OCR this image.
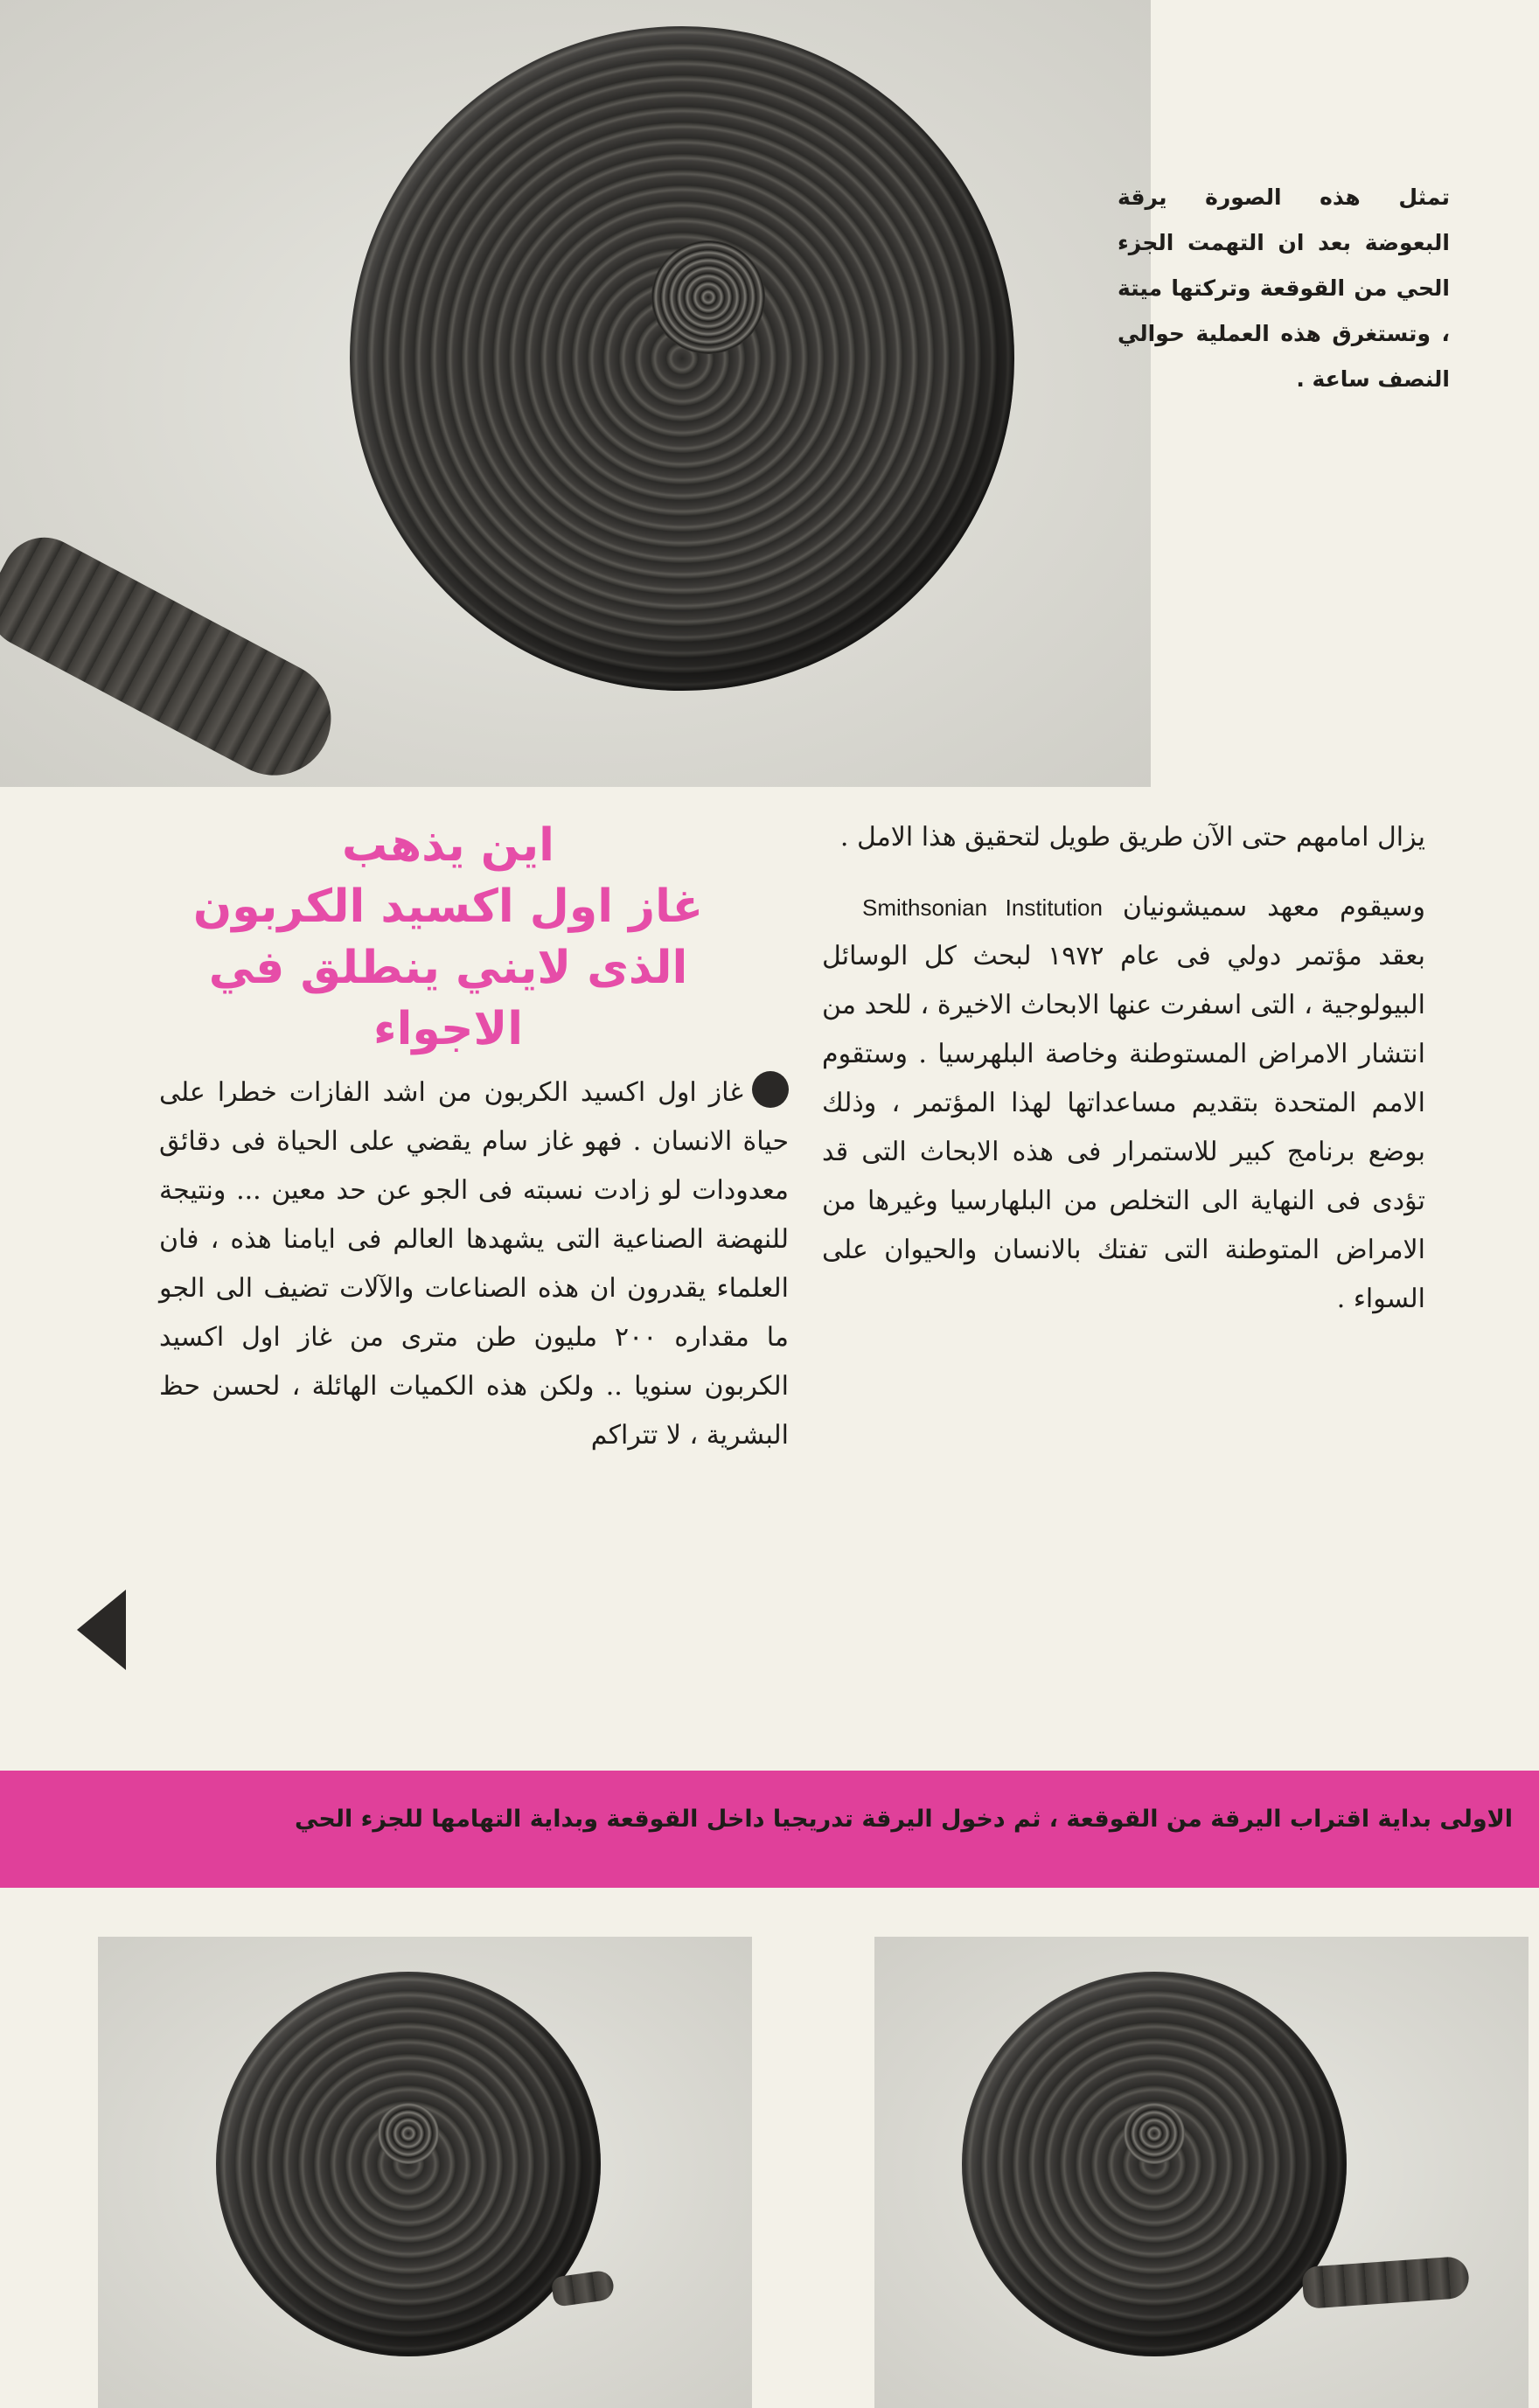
تمثل هذه الصورة يرقة البعوضة بعد ان التهمت الجزء الحي من القوقعة وتركتها ميتة ، وتستغرق هذه العملية حوالي النصف ساعة .
اين يذهب
غاز اول اكسيد الكربون
الذى لايني ينطلق في الاجواء

يزال امامهم حتى الآن طريق طويل لتحقيق هذا الامل .

وسيقوم معهد سميشونيان Smithsonian Institution بعقد مؤتمر دولي فى عام ١٩٧٢ لبحث كل الوسائل البيولوجية ، التى اسفرت عنها الابحاث الاخيرة ، للحد من انتشار الامراض المستوطنة وخاصة البلهرسيا . وستقوم الامم المتحدة بتقديم مساعداتها لهذا المؤتمر ، وذلك بوضع برنامج كبير للاستمرار فى هذه الابحاث التى قد تؤدى فى النهاية الى التخلص من البلهارسيا وغيرها من الامراض المتوطنة التى تفتك بالانسان والحيوان على السواء .

غاز اول اكسيد الكربون من اشد الفازات خطرا على حياة الانسان . فهو غاز سام يقضي على الحياة فى دقائق معدودات لو زادت نسبته فى الجو عن حد معين ... ونتيجة للنهضة الصناعية التى يشهدها العالم فى ايامنا هذه ، فان العلماء يقدرون ان هذه الصناعات والآلات تضيف الى الجو ما مقداره ٢٠٠ مليون طن مترى من غاز اول اكسيد الكربون سنويا .. ولكن هذه الكميات الهائلة ، لحسن حظ البشرية ، لا تتراكم

الاولى بداية اقتراب اليرقة من القوقعة ، ثم دخول اليرقة تدريجيا داخل القوقعة وبداية التهامها للجزء الحي
